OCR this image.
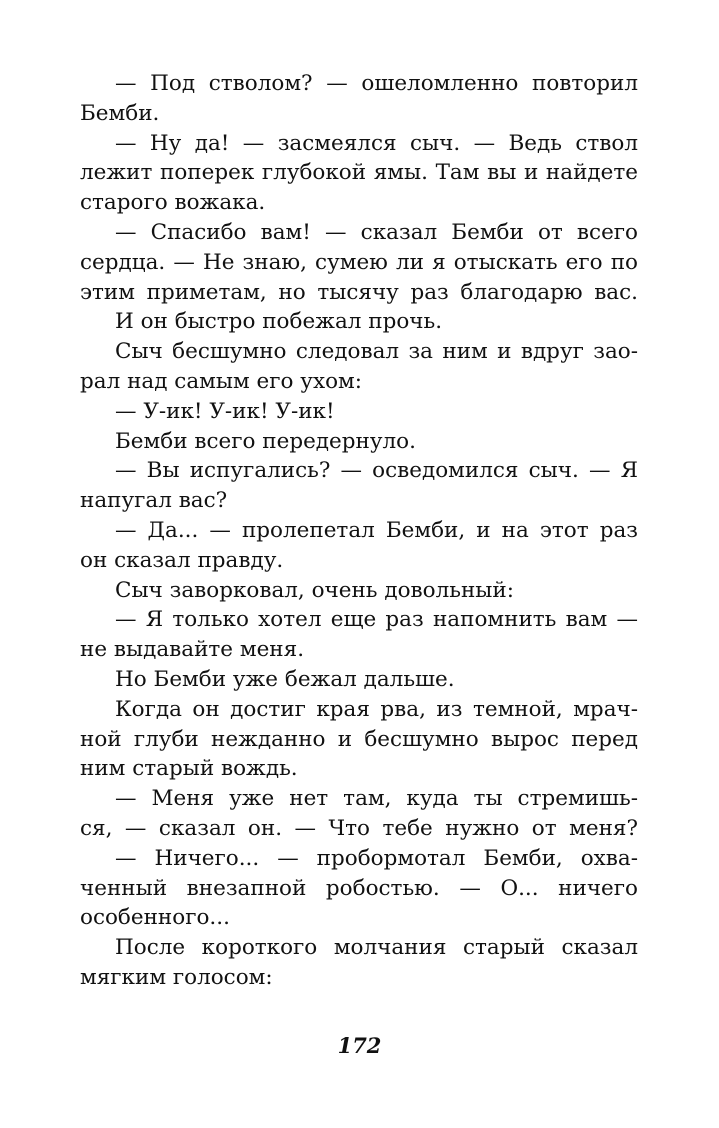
— Под стволом? — ошеломленно повторил
Бемби.
— Ну да! — засмеялся сыч. — Ведь ствол
лежит поперек глубокой ямы. Там вы и найдете
старого вожака.
— Спасибо вам! — сказал Бемби от всего
сердца. — Не знаю, сумею ли я отыскать его по
этим приметам, но тысячу раз благодарю вас.
И он быстро побежал прочь.
Сыч бесшумно следовал за ним и вдруг зао-
рал над самым его ухом:
— У-ик! У-ик! У-ик!
Бемби всего передернуло.
— Вы испугались? — осведомился сыч. — Я
напугал вас?
— Да... — пролепетал Бемби, и на этот раз
он сказал правду.
Сыч заворковал, очень довольный:
— Я только хотел еще раз напомнить вам —
не выдавайте меня.
Но Бемби уже бежал дальше.
Когда он достиг края рва, из темной, мрач-
ной глуби нежданно и бесшумно вырос перед
ним старый вождь.
— Меня уже нет там, куда ты стремишь-
ся, — сказал он. — Что тебе нужно от меня?
— Ничего... — пробормотал Бемби, охва-
ченный внезапной робостью. — О... ничего
особенного...
После короткого молчания старый сказал
мягким голосом:
172
